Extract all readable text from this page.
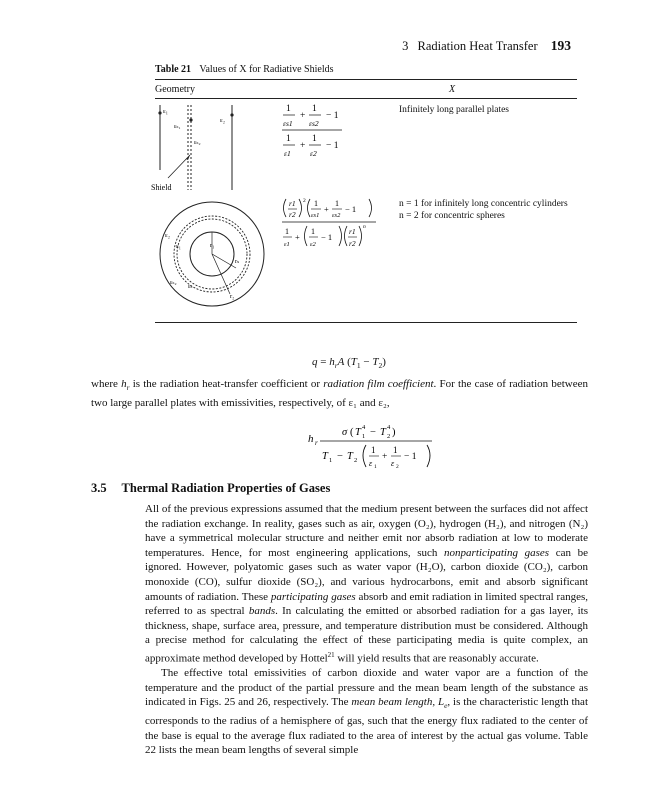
3 Radiation Heat Transfer 193
Table 21 Values of X for Radiative Shields
Geometry	X
ε₁
εₛ₁
ε₂
εₛ₂
Shield
1
εs1
+
1
εs2
− 1
1
ε1
+
1
ε2
− 1
Infinitely long parallel plates
ε₂
ε₁	r₁
rₛ
εₛ₂
εₛ
r₂
r1
r2
2 1
εs1
+
1
εs2
− 1
1
ε1
+
1
ε2
− 1
r1
r2
n
n = 1 for infinitely long concentric cylinders
n = 2 for concentric spheres
$q = h_rA$ $(T_1 - T_2)$
where $h_r$ is the radiation heat-transfer coefficient or radiation film coefficient. For the case of radiation between two large parallel plates with emissivities, respectively, of ε₁ and ε₂,
h r
σ ( T 4
1 − T 4
2 )
T 1 − T 2
1
ε 1
+
1
ε 2
− 1
3.5 Thermal Radiation Properties of Gases

All of the previous expressions assumed that the medium present between the surfaces did not affect the radiation exchange. In reality, gases such as air, oxygen (O₂), hydrogen (H₂), and nitrogen (N₂) have a symmetrical molecular structure and neither emit nor absorb radiation at low to moderate temperatures. Hence, for most engineering applications, such nonparticipating gases can be ignored. However, polyatomic gases such as water vapor (H₂O), carbon dioxide (CO₂), carbon monoxide (CO), sulfur dioxide (SO₂), and various hydrocarbons, emit and absorb significant amounts of radiation. These participating gases absorb and emit radiation in limited spectral ranges, referred to as spectral bands. In calculating the emitted or absorbed radiation for a gas layer, its thickness, shape, surface area, pressure, and temperature distribution must be considered. Although a precise method for calculating the effect of these participating media is quite complex, an approximate method developed by Hottel$^{21}$ will yield results that are reasonably accurate.

The effective total emissivities of carbon dioxide and water vapor are a function of the temperature and the product of the partial pressure and the mean beam length of the substance as indicated in Figs. 25 and 26, respectively. The mean beam length, $L_e$, is the characteristic length that corresponds to the radius of a hemisphere of gas, such that the energy flux radiated to the center of the base is equal to the average flux radiated to the area of interest by the actual gas volume. Table 22 lists the mean beam lengths of several simple
